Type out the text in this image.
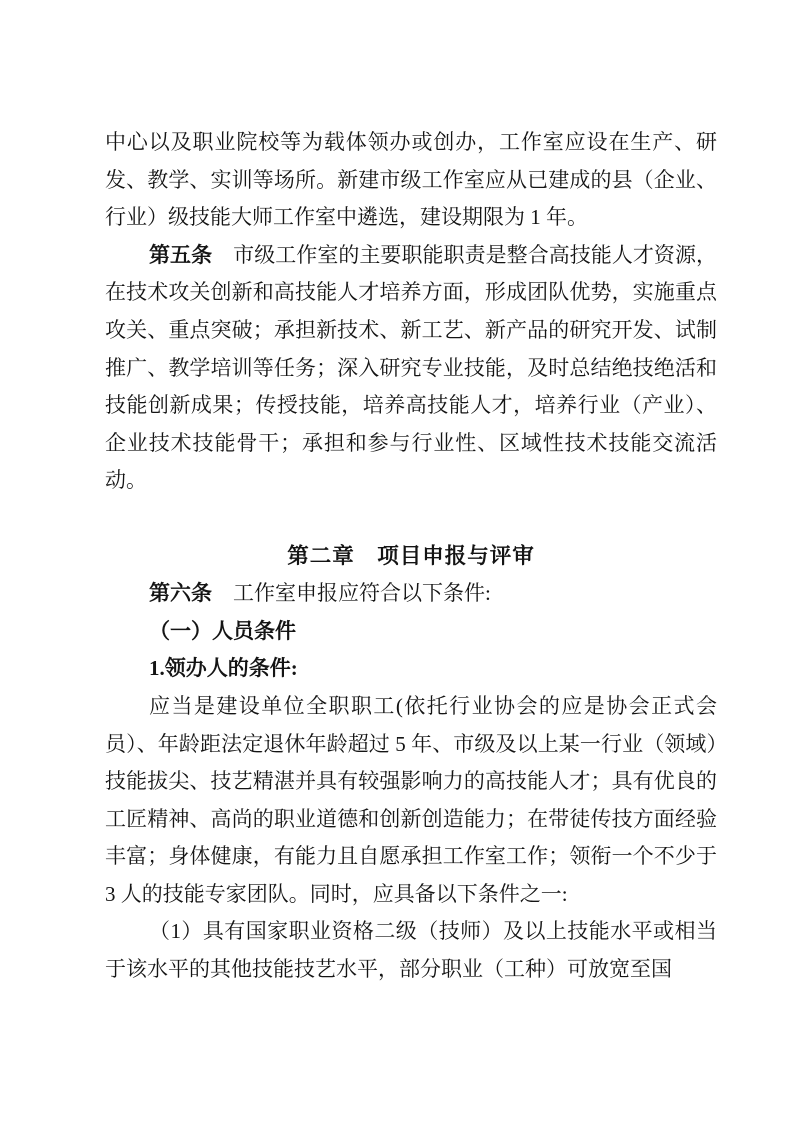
中心以及职业院校等为载体领办或创办，工作室应设在生产、研发、教学、实训等场所。新建市级工作室应从已建成的县（企业、行业）级技能大师工作室中遴选，建设期限为 1 年。

第五条　市级工作室的主要职能职责是整合高技能人才资源，在技术攻关创新和高技能人才培养方面，形成团队优势，实施重点攻关、重点突破；承担新技术、新工艺、新产品的研究开发、试制推广、教学培训等任务；深入研究专业技能，及时总结绝技绝活和技能创新成果；传授技能，培养高技能人才，培养行业（产业）、企业技术技能骨干；承担和参与行业性、区域性技术技能交流活动。

第二章　项目申报与评审

第六条　工作室申报应符合以下条件:

（一）人员条件

1.领办人的条件:

应当是建设单位全职职工(依托行业协会的应是协会正式会员）、年龄距法定退休年龄超过 5 年、市级及以上某一行业（领域）技能拔尖、技艺精湛并具有较强影响力的高技能人才；具有优良的工匠精神、高尚的职业道德和创新创造能力；在带徒传技方面经验丰富；身体健康，有能力且自愿承担工作室工作；领衔一个不少于 3 人的技能专家团队。同时，应具备以下条件之一:

（1）具有国家职业资格二级（技师）及以上技能水平或相当于该水平的其他技能技艺水平，部分职业（工种）可放宽至国
